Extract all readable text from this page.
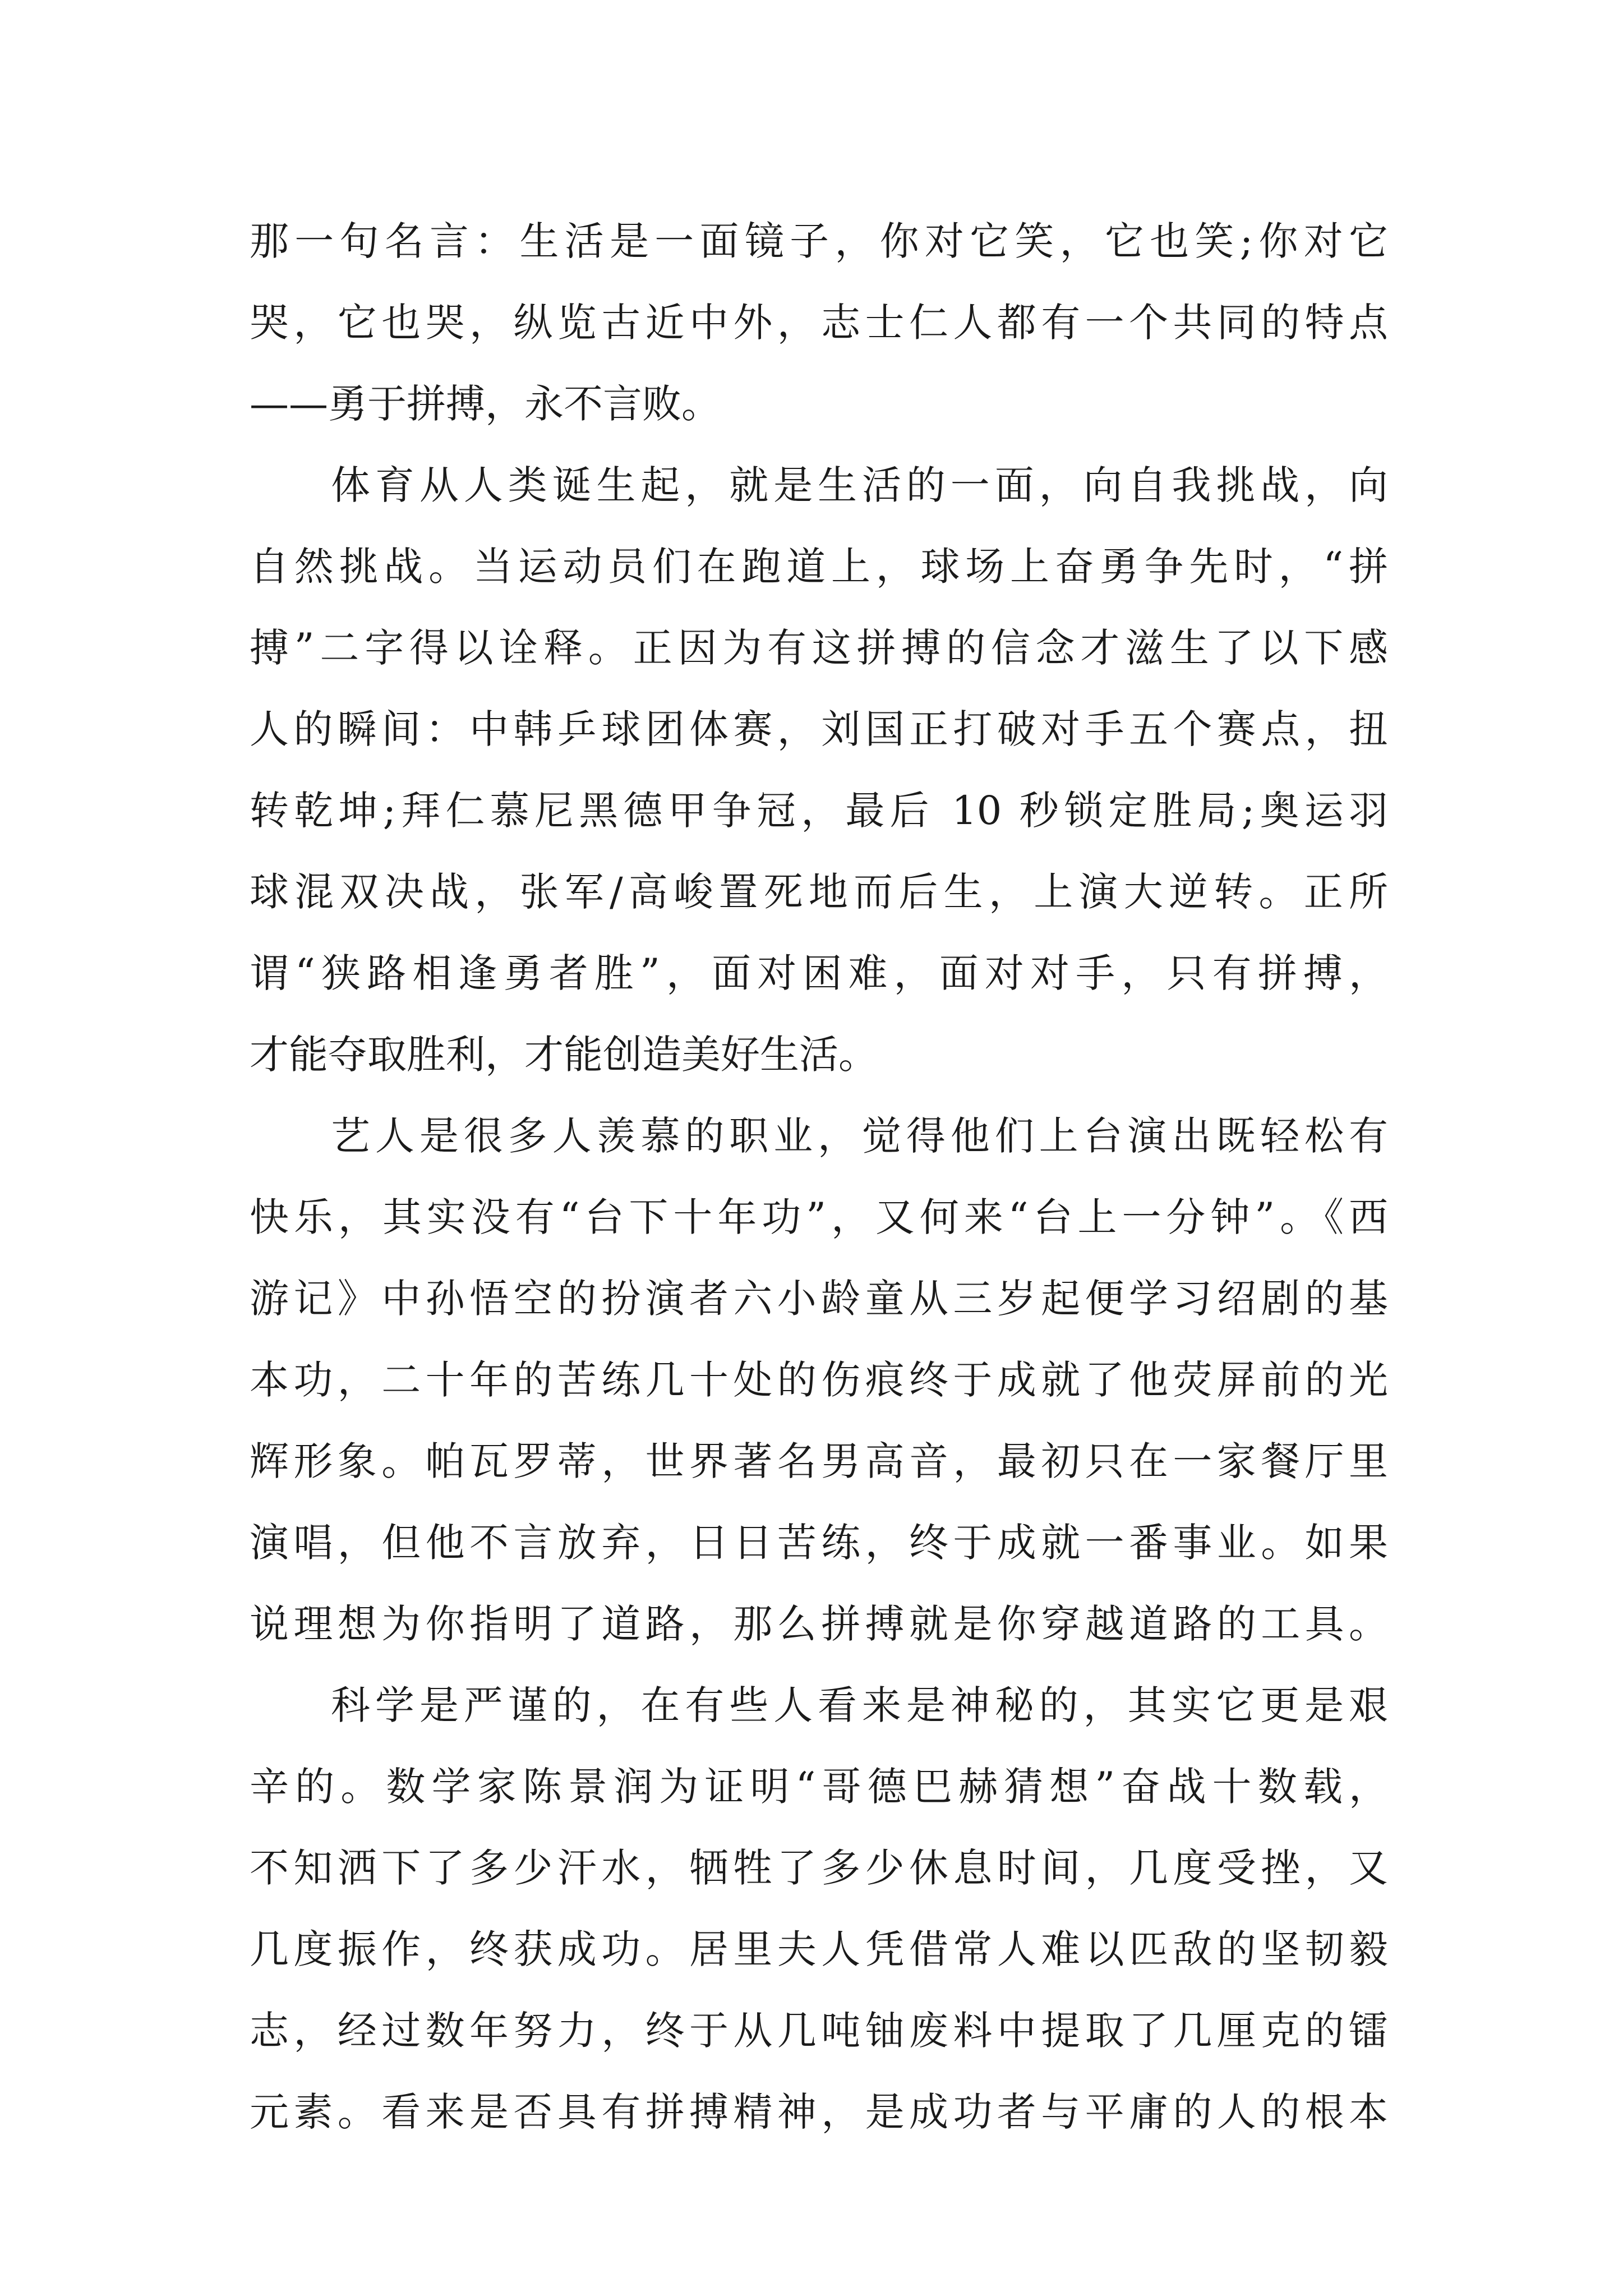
那一句名言：生活是一面镜子，你对它笑，它也笑;你对它
哭，它也哭，纵览古近中外，志士仁人都有一个共同的特点
——勇于拼搏，永不言败。
体育从人类诞生起，就是生活的一面，向自我挑战，向
自然挑战。当运动员们在跑道上，球场上奋勇争先时，“拼
搏”二字得以诠释。正因为有这拼搏的信念才滋生了以下感
人的瞬间：中韩乒球团体赛，刘国正打破对手五个赛点，扭
转乾坤;拜仁慕尼黑德甲争冠，最后 10 秒锁定胜局;奥运羽
球混双决战，张军/高峻置死地而后生，上演大逆转。正所
谓“狭路相逢勇者胜”，面对困难，面对对手，只有拼搏，
才能夺取胜利，才能创造美好生活。
艺人是很多人羡慕的职业，觉得他们上台演出既轻松有
快乐，其实没有“台下十年功”，又何来“台上一分钟”。《西
游记》中孙悟空的扮演者六小龄童从三岁起便学习绍剧的基
本功，二十年的苦练几十处的伤痕终于成就了他荧屏前的光
辉形象。帕瓦罗蒂，世界著名男高音，最初只在一家餐厅里
演唱，但他不言放弃，日日苦练，终于成就一番事业。如果
说理想为你指明了道路，那么拼搏就是你穿越道路的工具。
科学是严谨的，在有些人看来是神秘的，其实它更是艰
辛的。数学家陈景润为证明“哥德巴赫猜想”奋战十数载，
不知洒下了多少汗水，牺牲了多少休息时间，几度受挫，又
几度振作，终获成功。居里夫人凭借常人难以匹敌的坚韧毅
志，经过数年努力，终于从几吨铀废料中提取了几厘克的镭
元素。看来是否具有拼搏精神，是成功者与平庸的人的根本
